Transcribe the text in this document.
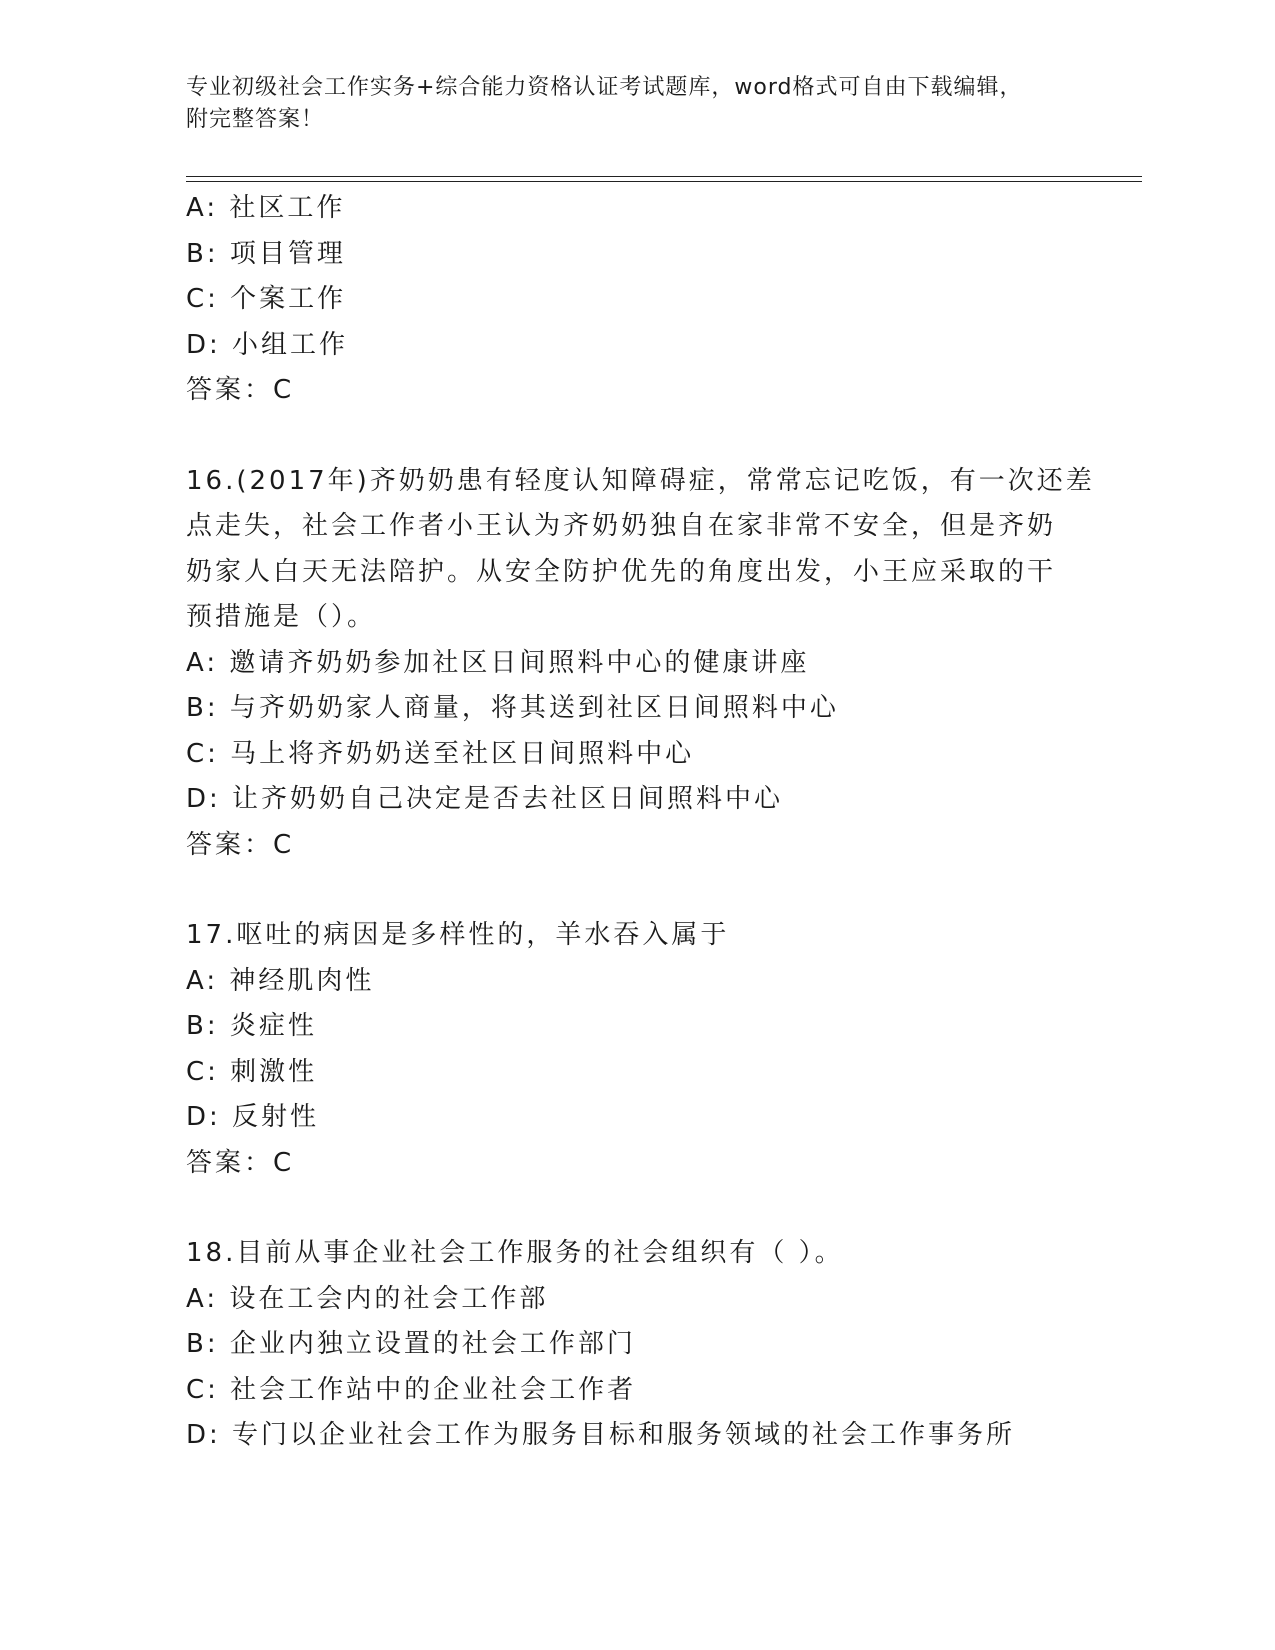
专业初级社会工作实务+综合能力资格认证考试题库，word格式可自由下载编辑，
附完整答案！
A: 社区工作
B: 项目管理
C: 个案工作
D: 小组工作
答案：C
16.(2017年)齐奶奶患有轻度认知障碍症，常常忘记吃饭，有一次还差
点走失，社会工作者小王认为齐奶奶独自在家非常不安全，但是齐奶
奶家人白天无法陪护。从安全防护优先的角度出发，小王应采取的干
预措施是（）。
A: 邀请齐奶奶参加社区日间照料中心的健康讲座
B: 与齐奶奶家人商量，将其送到社区日间照料中心
C: 马上将齐奶奶送至社区日间照料中心
D: 让齐奶奶自己决定是否去社区日间照料中心
答案：C
17.呕吐的病因是多样性的，羊水吞入属于
A: 神经肌肉性
B: 炎症性
C: 刺激性
D: 反射性
答案：C
18.目前从事企业社会工作服务的社会组织有（ ）。
A: 设在工会内的社会工作部
B: 企业内独立设置的社会工作部门
C: 社会工作站中的企业社会工作者
D: 专门以企业社会工作为服务目标和服务领域的社会工作事务所
